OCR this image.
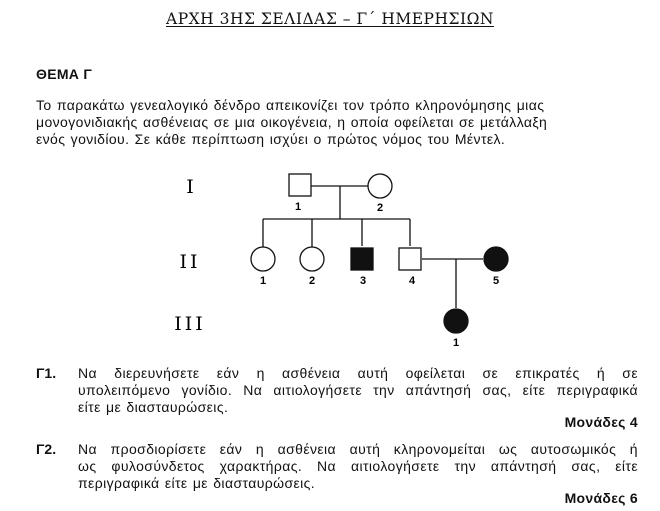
ΑΡΧΗ 3ΗΣ ΣΕΛΙΔΑΣ – Γ΄ ΗΜΕΡΗΣΙΩΝ
ΘΕΜΑ Γ
Το παρακάτω γενεαλογικό δένδρο απεικονίζει τον τρόπο κληρονόμησης μιας
μονογονιδιακής ασθένειας σε μια οικογένεια, η οποία οφείλεται σε μετάλλαξη
ενός γονιδίου. Σε κάθε περίπτωση ισχύει ο πρώτος νόμος του Μέντελ.
I
II
III
1	2
1	2	3	4	5
1
Γ1. Να διερευνήσετε εάν η ασθένεια αυτή οφείλεται σε επικρατές ή σε
υπολειπόμενο γονίδιο. Να αιτιολογήσετε την απάντησή σας, είτε περιγραφικά
είτε με διασταυρώσεις.
Μονάδες 4
Γ2. Να προσδιορίσετε εάν η ασθένεια αυτή κληρονομείται ως αυτοσωμικός ή
ως φυλοσύνδετος χαρακτήρας. Να αιτιολογήσετε την απάντησή σας, είτε
περιγραφικά είτε με διασταυρώσεις.
Μονάδες 6
